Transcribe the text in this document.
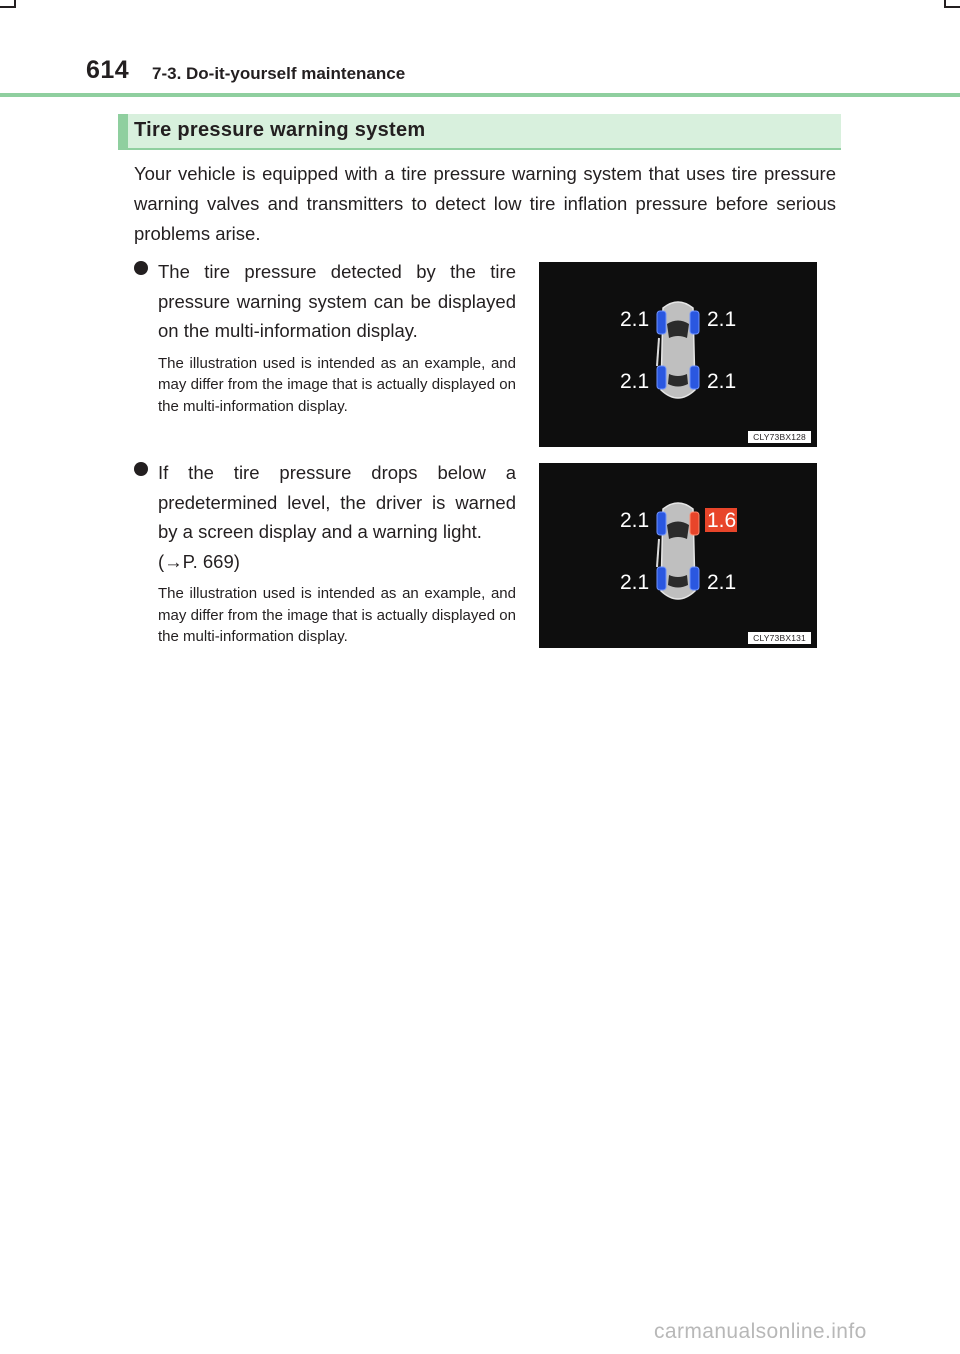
614 7-3. Do-it-yourself maintenance
Tire pressure warning system
Your vehicle is equipped with a tire pressure warning system that uses tire pressure warning valves and transmitters to detect low tire inflation pressure before serious problems arise.
The tire pressure detected by the tire pressure warning system can be displayed on the multi-information display.
The illustration used is intended as an example, and may differ from the image that is actually displayed on the multi-information display.
If the tire pressure drops below a predetermined level, the driver is warned by a screen display and a warning light.
(→P. 669)
The illustration used is intended as an example, and may differ from the image that is actually displayed on the multi-information display.
2.1	2.1
2.1	2.1
CLY73BX128
2.1	1.6
2.1	2.1
CLY73BX131
carmanualsonline.info
